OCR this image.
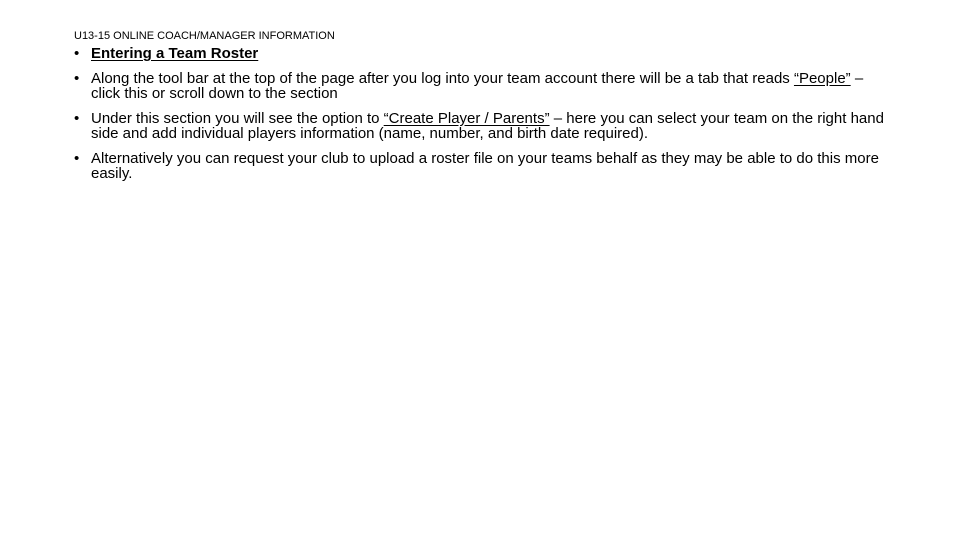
U13-15 ONLINE COACH/MANAGER INFORMATION
• Entering a Team Roster
• Along the tool bar at the top of the page after you log into your team account there will be a tab that reads “People” – click this or scroll down to the section
• Under this section you will see the option to “Create Player / Parents” – here you can select your team on the right hand side and add individual players information (name, number, and birth date required).
• Alternatively you can request your club to upload a roster file on your teams behalf as they may be able to do this more easily.
